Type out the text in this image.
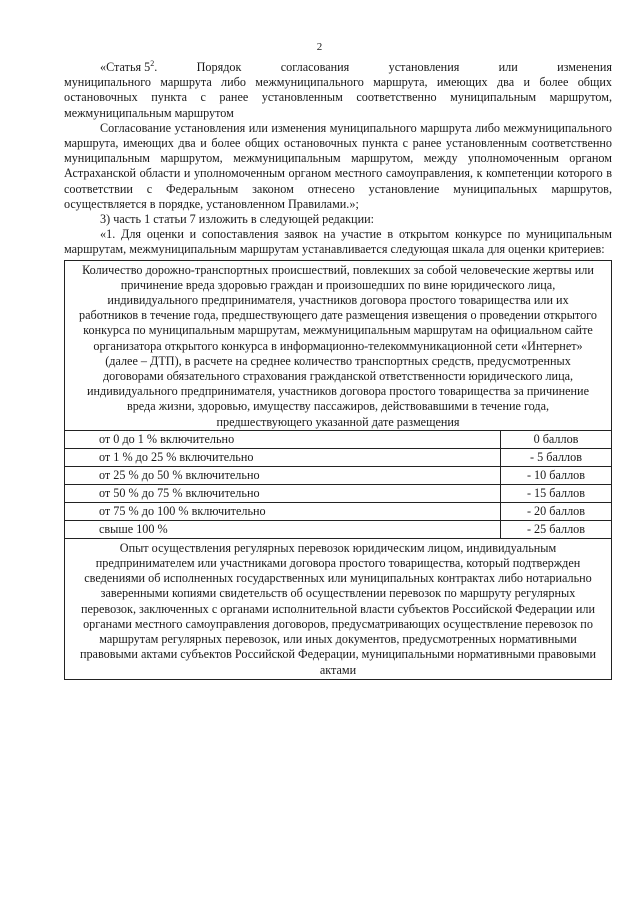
2
«Статья $5^2$.	Порядок	согласования	установления	или	изменения

муниципального маршрута либо межмуниципального маршрута, имеющих два и более общих остановочных пункта с ранее установленным соответственно муниципальным маршрутом, межмуниципальным маршрутом

Согласование установления или изменения муниципального маршрута либо межмуниципального маршрута, имеющих два и более общих остановочных пункта с ранее установленным соответственно муниципальным маршрутом, межмуниципальным маршрутом, между уполномоченным органом Астраханской области и уполномоченным органом местного самоуправления, к компетенции которого в соответствии с Федеральным законом отнесено установление муниципальных маршрутов, осуществляется в порядке, установленном Правилами.»;

3) часть 1 статьи 7 изложить в следующей редакции:

«1. Для оценки и сопоставления заявок на участие в открытом конкурсе по муниципальным маршрутам, межмуниципальным маршрутам устанавливается следующая шкала для оценки критериев:

Количество дорожно-транспортных происшествий, повлекших за собой человеческие жертвы или причинение вреда здоровью граждан и произошедших по вине юридического лица, индивидуального предпринимателя, участников договора простого товарищества или их работников в течение года, предшествующего дате размещения извещения о проведении открытого конкурса по муниципальным маршрутам, межмуниципальным маршрутам на официальном сайте организатора открытого конкурса в информационно-телекоммуникационной сети «Интернет» (далее – ДТП), в расчете на среднее количество транспортных средств, предусмотренных договорами обязательного страхования гражданской ответственности юридического лица, индивидуального предпринимателя, участников договора простого товарищества за причинение вреда жизни, здоровью, имуществу пассажиров, действовавшими в течение года, предшествующего указанной дате размещения
от 0 до 1 % включительно	0 баллов
от 1 % до 25 % включительно	- 5 баллов
от 25 % до 50 % включительно	- 10 баллов
от 50 % до 75 % включительно	- 15 баллов
от 75 % до 100 % включительно	- 20 баллов
свыше 100 %	- 25 баллов
Опыт осуществления регулярных перевозок юридическим лицом, индивидуальным предпринимателем или участниками договора простого товарищества, который подтвержден сведениями об исполненных государственных или муниципальных контрактах либо нотариально заверенными копиями свидетельств об осуществлении перевозок по маршруту регулярных перевозок, заключенных с органами исполнительной власти субъектов Российской Федерации или органами местного самоуправления договоров, предусматривающих осуществление перевозок по маршрутам регулярных перевозок, или иных документов, предусмотренных нормативными правовыми актами субъектов Российской Федерации, муниципальными нормативными правовыми актами
